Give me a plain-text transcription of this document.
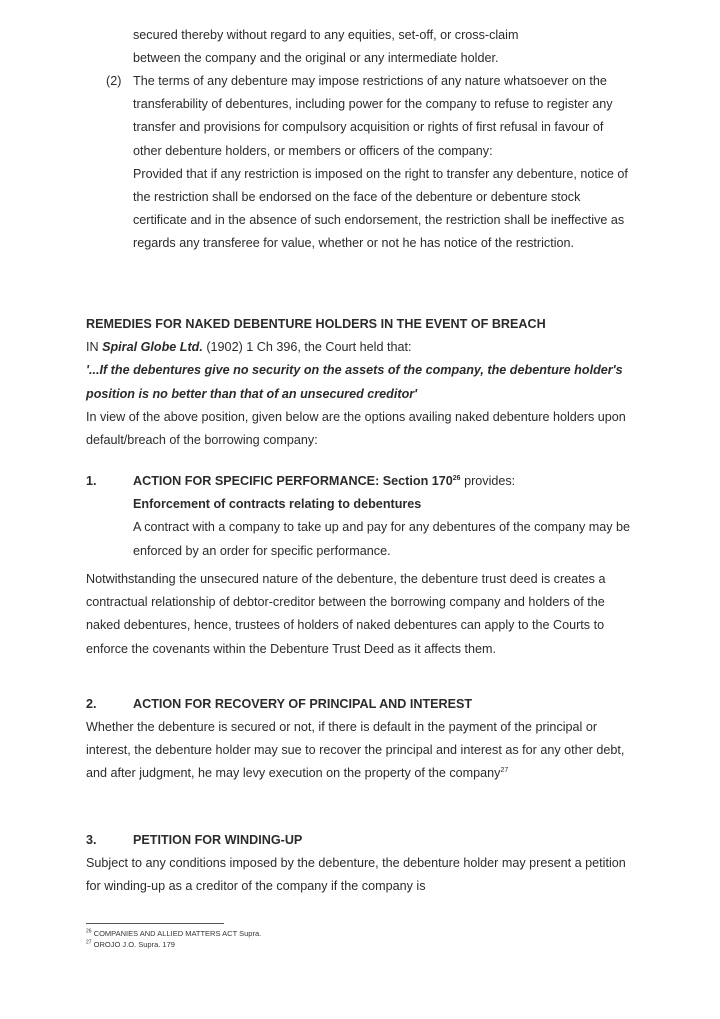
secured thereby without regard to any equities, set-off, or cross-claim

between the company and the original or any intermediate holder.

(2) The terms of any debenture may impose restrictions of any nature whatsoever on the transferability of debentures, including power for the company to refuse to register any transfer and provisions for compulsory acquisition or rights of first refusal in favour of other debenture holders, or members or officers of the company:

Provided that if any restriction is imposed on the right to transfer any debenture, notice of the restriction shall be endorsed on the face of the debenture or debenture stock certificate and in the absence of such endorsement, the restriction shall be ineffective as regards any transferee for value, whether or not he has notice of the restriction.

REMEDIES FOR NAKED DEBENTURE HOLDERS IN THE EVENT OF BREACH

IN Spiral Globe Ltd. (1902) 1 Ch 396, the Court held that:

'...If the debentures give no security on the assets of the company, the debenture holder's position is no better than that of an unsecured creditor'

In view of the above position, given below are the options availing naked debenture holders upon default/breach of the borrowing company:

1.	ACTION FOR SPECIFIC PERFORMANCE: Section $170^{26}$ provides:

Enforcement of contracts relating to debentures

A contract with a company to take up and pay for any debentures of the company may be enforced by an order for specific performance.

Notwithstanding the unsecured nature of the debenture, the debenture trust deed is creates a contractual relationship of debtor-creditor between the borrowing company and holders of the naked debentures, hence, trustees of holders of naked debentures can apply to the Courts to enforce the covenants within the Debenture Trust Deed as it affects them.

2.	ACTION FOR RECOVERY OF PRINCIPAL AND INTEREST

Whether the debenture is secured or not, if there is default in the payment of the principal or interest, the debenture holder may sue to recover the principal and interest as for any other debt, and after judgment, he may levy execution on the property of the company$^{27}$

3.	PETITION FOR WINDING-UP

Subject to any conditions imposed by the debenture, the debenture holder may present a petition for winding-up as a creditor of the company if the company is

$^{26}$ COMPANIES AND ALLIED MATTERS ACT Supra.

$^{27}$ OROJO J.O. Supra. 179
